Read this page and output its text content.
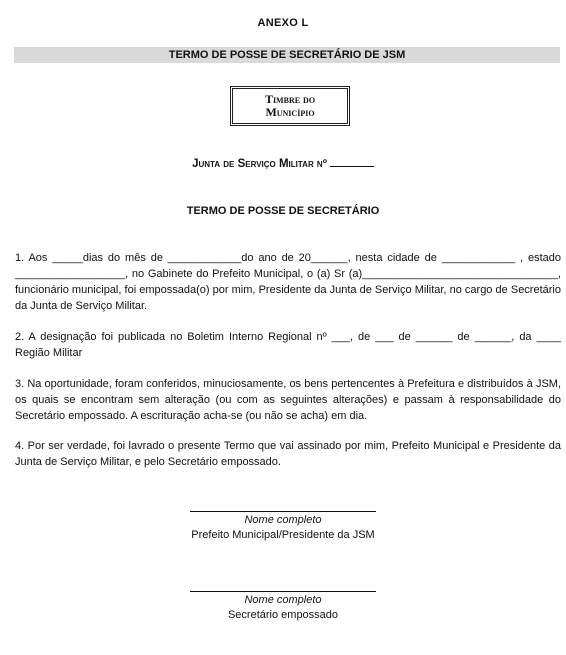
ANEXO L
TERMO DE POSSE DE SECRETÁRIO DE JSM
Timbre do
Município
Junta de Serviço Militar nº
TERMO DE POSSE DE SECRETÁRIO
1. Aos _____dias do mês de ____________do ano de 20______, nesta cidade de ____________ , estado __________________, no Gabinete do Prefeito Municipal, o (a) Sr (a)________________________________, funcionário municipal, foi empossada(o) por mim, Presidente da Junta de Serviço Militar, no cargo de Secretário da Junta de Serviço Militar.
2. A designação foi publicada no Boletim Interno Regional nº ___, de ___ de ______ de ______, da ____ Região Militar
3. Na oportunidade, foram conferidos, minuciosamente, os bens pertencentes à Prefeitura e distribuídos à JSM, os quais se encontram sem alteração (ou com as seguintes alterações) e passam à responsabilidade do Secretário empossado. A escrituração acha-se (ou não se acha) em dia.
4. Por ser verdade, foi lavrado o presente Termo que vai assinado por mim, Prefeito Municipal e Presidente da Junta de Serviço Militar, e pelo Secretário empossado.
Nome completo
Prefeito Municipal/Presidente da JSM
Nome completo
Secretário empossado
